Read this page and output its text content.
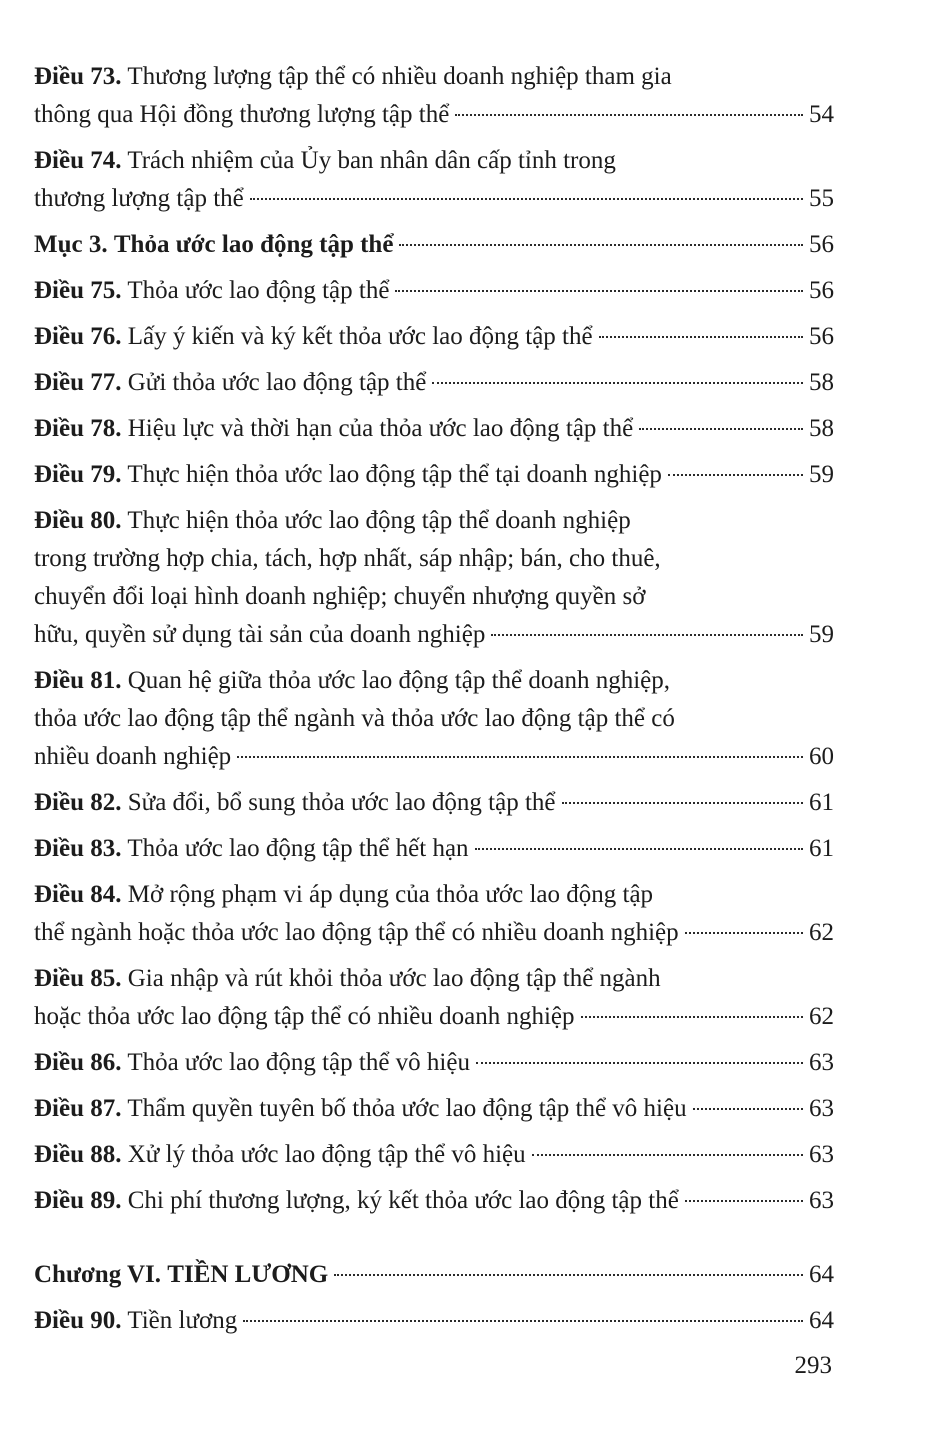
Điều 73. Thương lượng tập thể có nhiều doanh nghiệp tham gia
thông qua Hội đồng thương lượng tập thể	54
Điều 74. Trách nhiệm của Ủy ban nhân dân cấp tỉnh trong
thương lượng tập thể	55
Mục 3. Thỏa ước lao động tập thể	56
Điều 75. Thỏa ước lao động tập thể	56
Điều 76. Lấy ý kiến và ký kết thỏa ước lao động tập thể	56
Điều 77. Gửi thỏa ước lao động tập thể	58
Điều 78. Hiệu lực và thời hạn của thỏa ước lao động tập thể	58
Điều 79. Thực hiện thỏa ước lao động tập thể tại doanh nghiệp	59
Điều 80. Thực hiện thỏa ước lao động tập thể doanh nghiệp
trong trường hợp chia, tách, hợp nhất, sáp nhập; bán, cho thuê,
chuyển đổi loại hình doanh nghiệp; chuyển nhượng quyền sở
hữu, quyền sử dụng tài sản của doanh nghiệp	59
Điều 81. Quan hệ giữa thỏa ước lao động tập thể doanh nghiệp,
thỏa ước lao động tập thể ngành và thỏa ước lao động tập thể có
nhiều doanh nghiệp	60
Điều 82. Sửa đổi, bổ sung thỏa ước lao động tập thể	61
Điều 83. Thỏa ước lao động tập thể hết hạn	61
Điều 84. Mở rộng phạm vi áp dụng của thỏa ước lao động tập
thể ngành hoặc thỏa ước lao động tập thể có nhiều doanh nghiệp	62
Điều 85. Gia nhập và rút khỏi thỏa ước lao động tập thể ngành
hoặc thỏa ước lao động tập thể có nhiều doanh nghiệp	62
Điều 86. Thỏa ước lao động tập thể vô hiệu	63
Điều 87. Thẩm quyền tuyên bố thỏa ước lao động tập thể vô hiệu	63
Điều 88. Xử lý thỏa ước lao động tập thể vô hiệu	63
Điều 89. Chi phí thương lượng, ký kết thỏa ước lao động tập thể	63
Chương VI. TIỀN LƯƠNG	64
Điều 90. Tiền lương	64
293
